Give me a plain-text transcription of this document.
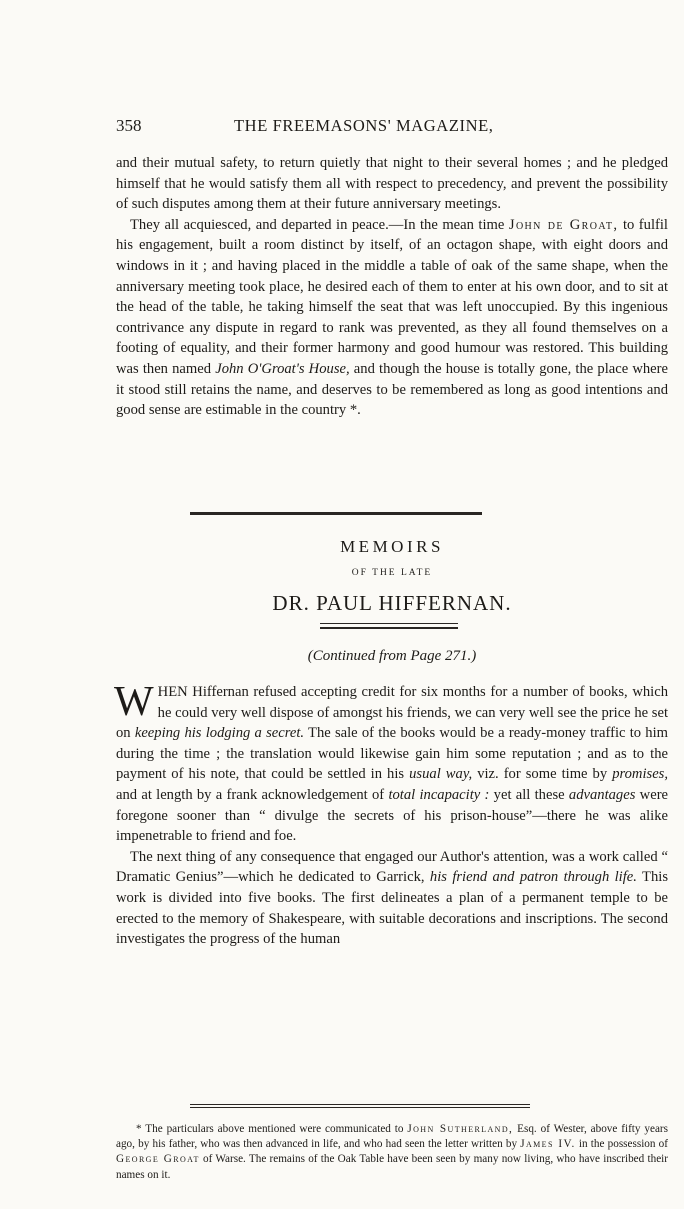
358	THE FREEMASONS' MAGAZINE,

and their mutual safety, to return quietly that night to their several homes ; and he pledged himself that he would satisfy them all with respect to precedency, and prevent the possibility of such disputes among them at their future anniversary meetings.

They all acquiesced, and departed in peace.—In the mean time John de Groat, to fulfil his engagement, built a room distinct by itself, of an octagon shape, with eight doors and windows in it ; and having placed in the middle a table of oak of the same shape, when the anniversary meeting took place, he desired each of them to enter at his own door, and to sit at the head of the table, he taking himself the seat that was left unoccupied. By this ingenious contrivance any dispute in regard to rank was prevented, as they all found themselves on a footing of equality, and their former harmony and good humour was restored. This building was then named John O'Groat's House, and though the house is totally gone, the place where it stood still retains the name, and deserves to be remembered as long as good intentions and good sense are estimable in the country *.

MEMOIRS

OF THE LATE

DR. PAUL HIFFERNAN.

(Continued from Page 271.)

WHEN Hiffernan refused accepting credit for six months for a number of books, which he could very well dispose of amongst his friends, we can very well see the price he set on keeping his lodging a secret. The sale of the books would be a ready-money traffic to him during the time ; the translation would likewise gain him some reputation ; and as to the payment of his note, that could be settled in his usual way, viz. for some time by promises, and at length by a frank acknowledgement of total incapacity : yet all these advantages were foregone sooner than “ divulge the secrets of his prison-house”—there he was alike impenetrable to friend and foe.

The next thing of any consequence that engaged our Author's attention, was a work called “ Dramatic Genius”—which he dedicated to Garrick, his friend and patron through life. This work is divided into five books. The first delineates a plan of a permanent temple to be erected to the memory of Shakespeare, with suitable decorations and inscriptions. The second investigates the progress of the human

* The particulars above mentioned were communicated to John Sutherland, Esq. of Wester, above fifty years ago, by his father, who was then advanced in life, and who had seen the letter written by James IV. in the possession of George Groat of Warse. The remains of the Oak Table have been seen by many now living, who have inscribed their names on it.
